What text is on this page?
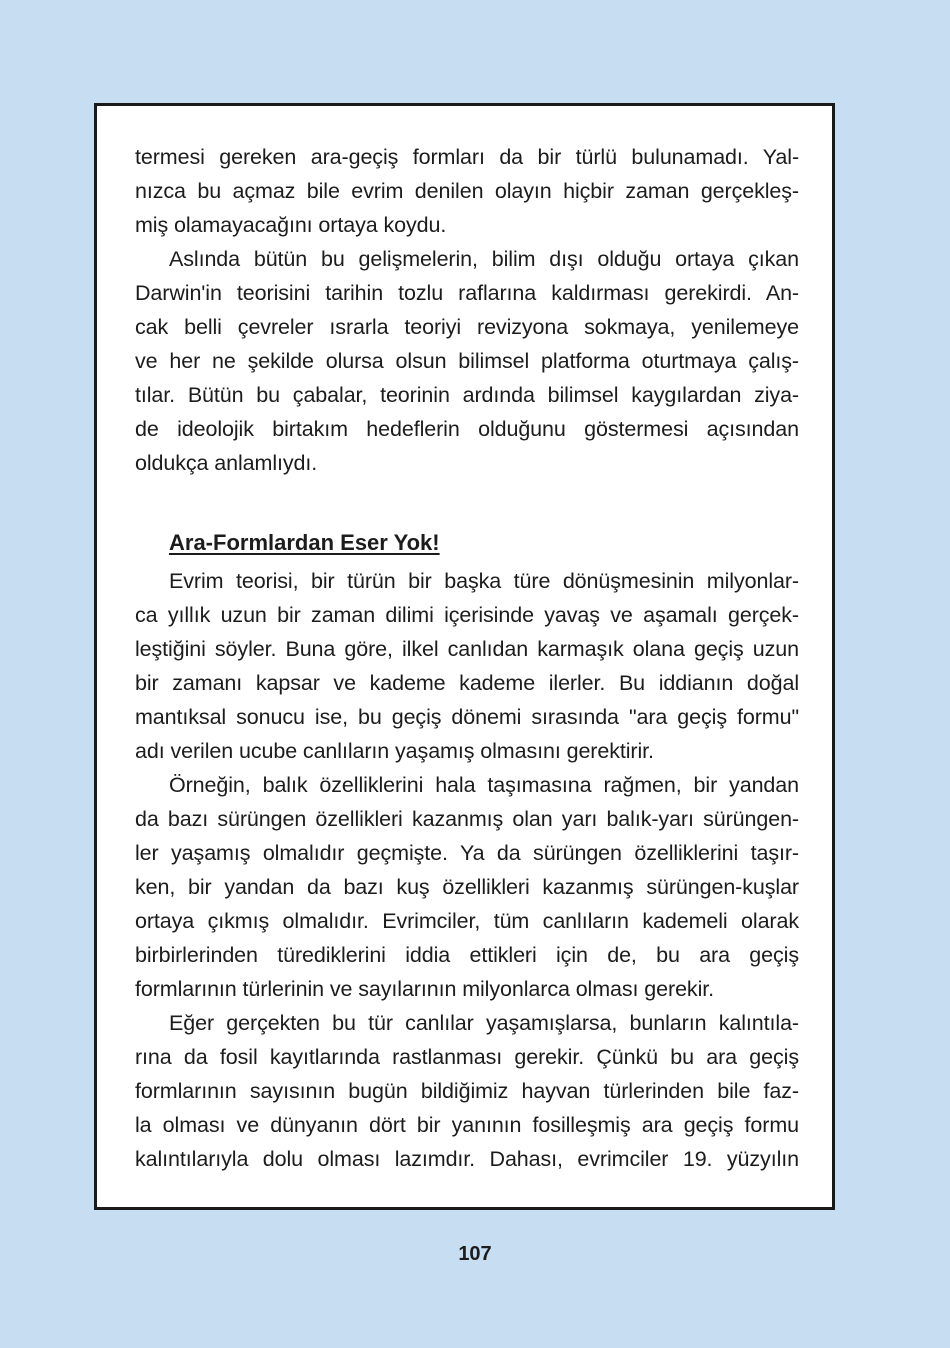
termesi gereken ara-geçiş formları da bir türlü bulunamadı. Yal-
nızca bu açmaz bile evrim denilen olayın hiçbir zaman gerçekleş-
miş olamayacağını ortaya koydu.
Aslında bütün bu gelişmelerin, bilim dışı olduğu ortaya çıkan
Darwin'in teorisini tarihin tozlu raflarına kaldırması gerekirdi. An-
cak belli çevreler ısrarla teoriyi revizyona sokmaya, yenilemeye
ve her ne şekilde olursa olsun bilimsel platforma oturtmaya çalış-
tılar. Bütün bu çabalar, teorinin ardında bilimsel kaygılardan ziya-
de ideolojik birtakım hedeflerin olduğunu göstermesi açısından
oldukça anlamlıydı.
Ara-Formlardan Eser Yok!
Evrim teorisi, bir türün bir başka türe dönüşmesinin milyonlar-
ca yıllık uzun bir zaman dilimi içerisinde yavaş ve aşamalı gerçek-
leştiğini söyler. Buna göre, ilkel canlıdan karmaşık olana geçiş uzun
bir zamanı kapsar ve kademe kademe ilerler. Bu iddianın doğal
mantıksal sonucu ise, bu geçiş dönemi sırasında "ara geçiş formu"
adı verilen ucube canlıların yaşamış olmasını gerektirir.
Örneğin, balık özelliklerini hala taşımasına rağmen, bir yandan
da bazı sürüngen özellikleri kazanmış olan yarı balık-yarı sürüngen-
ler yaşamış olmalıdır geçmişte. Ya da sürüngen özelliklerini taşır-
ken, bir yandan da bazı kuş özellikleri kazanmış sürüngen-kuşlar
ortaya çıkmış olmalıdır. Evrimciler, tüm canlıların kademeli olarak
birbirlerinden türediklerini iddia ettikleri için de, bu ara geçiş
formlarının türlerinin ve sayılarının milyonlarca olması gerekir.
Eğer gerçekten bu tür canlılar yaşamışlarsa, bunların kalıntıla-
rına da fosil kayıtlarında rastlanması gerekir. Çünkü bu ara geçiş
formlarının sayısının bugün bildiğimiz hayvan türlerinden bile faz-
la olması ve dünyanın dört bir yanının fosilleşmiş ara geçiş formu
kalıntılarıyla dolu olması lazımdır. Dahası, evrimciler 19. yüzyılın
107
